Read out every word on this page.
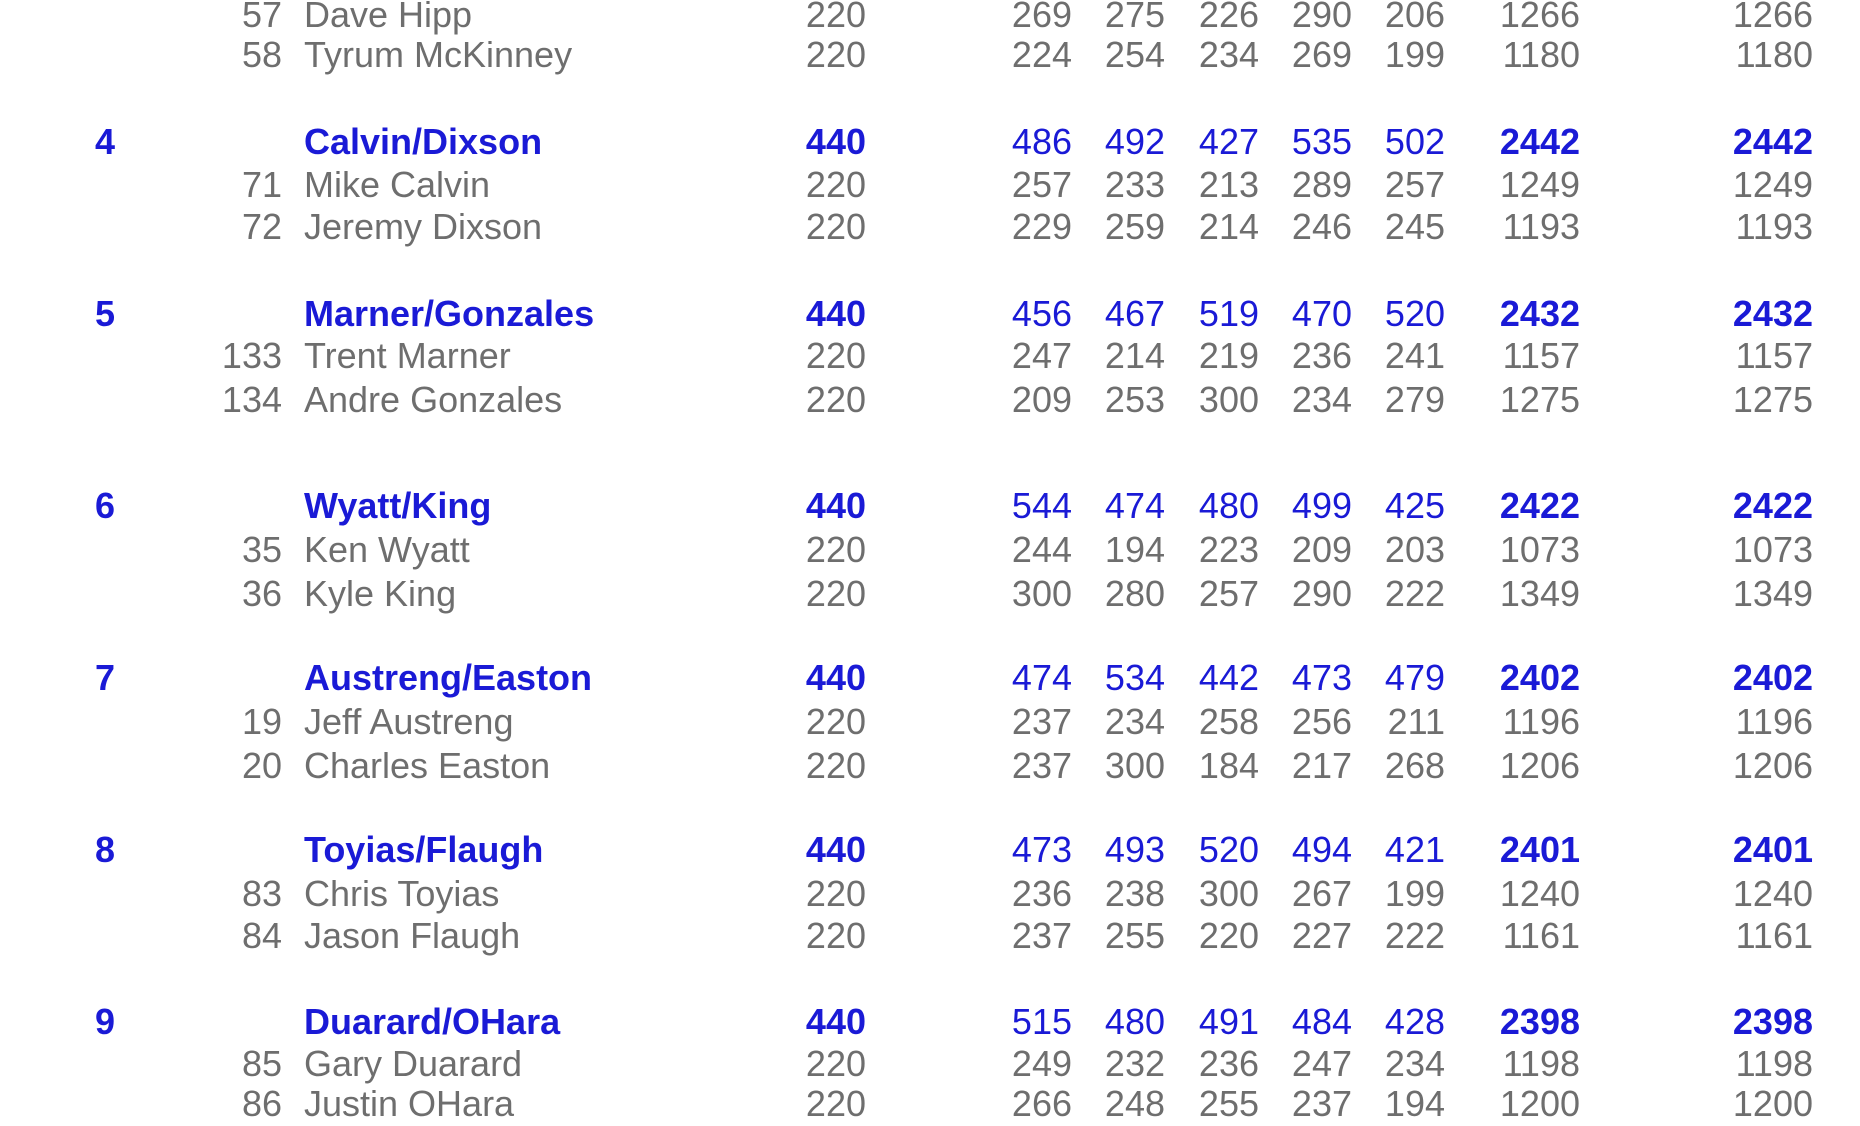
57 Dave Hipp	220	269 275 226 290 206	1266	1266
58 Tyrum McKinney	220	224 254 234 269 199	1180	1180
4	Calvin/Dixson	440	486 492 427 535 502	2442	2442
71 Mike Calvin	220	257 233 213 289 257	1249	1249
72 Jeremy Dixson	220	229 259 214 246 245	1193	1193
5	Marner/Gonzales	440	456 467 519 470 520	2432	2432
133 Trent Marner	220	247 214 219 236 241	1157	1157
134 Andre Gonzales	220	209 253 300 234 279	1275	1275
6	Wyatt/King	440	544 474 480 499 425	2422	2422
35 Ken Wyatt	220	244 194 223 209 203	1073	1073
36 Kyle King	220	300 280 257 290 222	1349	1349
7	Austreng/Easton	440	474 534 442 473 479	2402	2402
19 Jeff Austreng	220	237 234 258 256 211	1196	1196
20 Charles Easton	220	237 300 184 217 268	1206	1206
8	Toyias/Flaugh	440	473 493 520 494 421	2401	2401
83 Chris Toyias	220	236 238 300 267 199	1240	1240
84 Jason Flaugh	220	237 255 220 227 222	1161	1161
9	Duarard/OHara	440	515 480 491 484 428	2398	2398
85 Gary Duarard	220	249 232 236 247 234	1198	1198
86 Justin OHara	220	266 248 255 237 194	1200	1200
